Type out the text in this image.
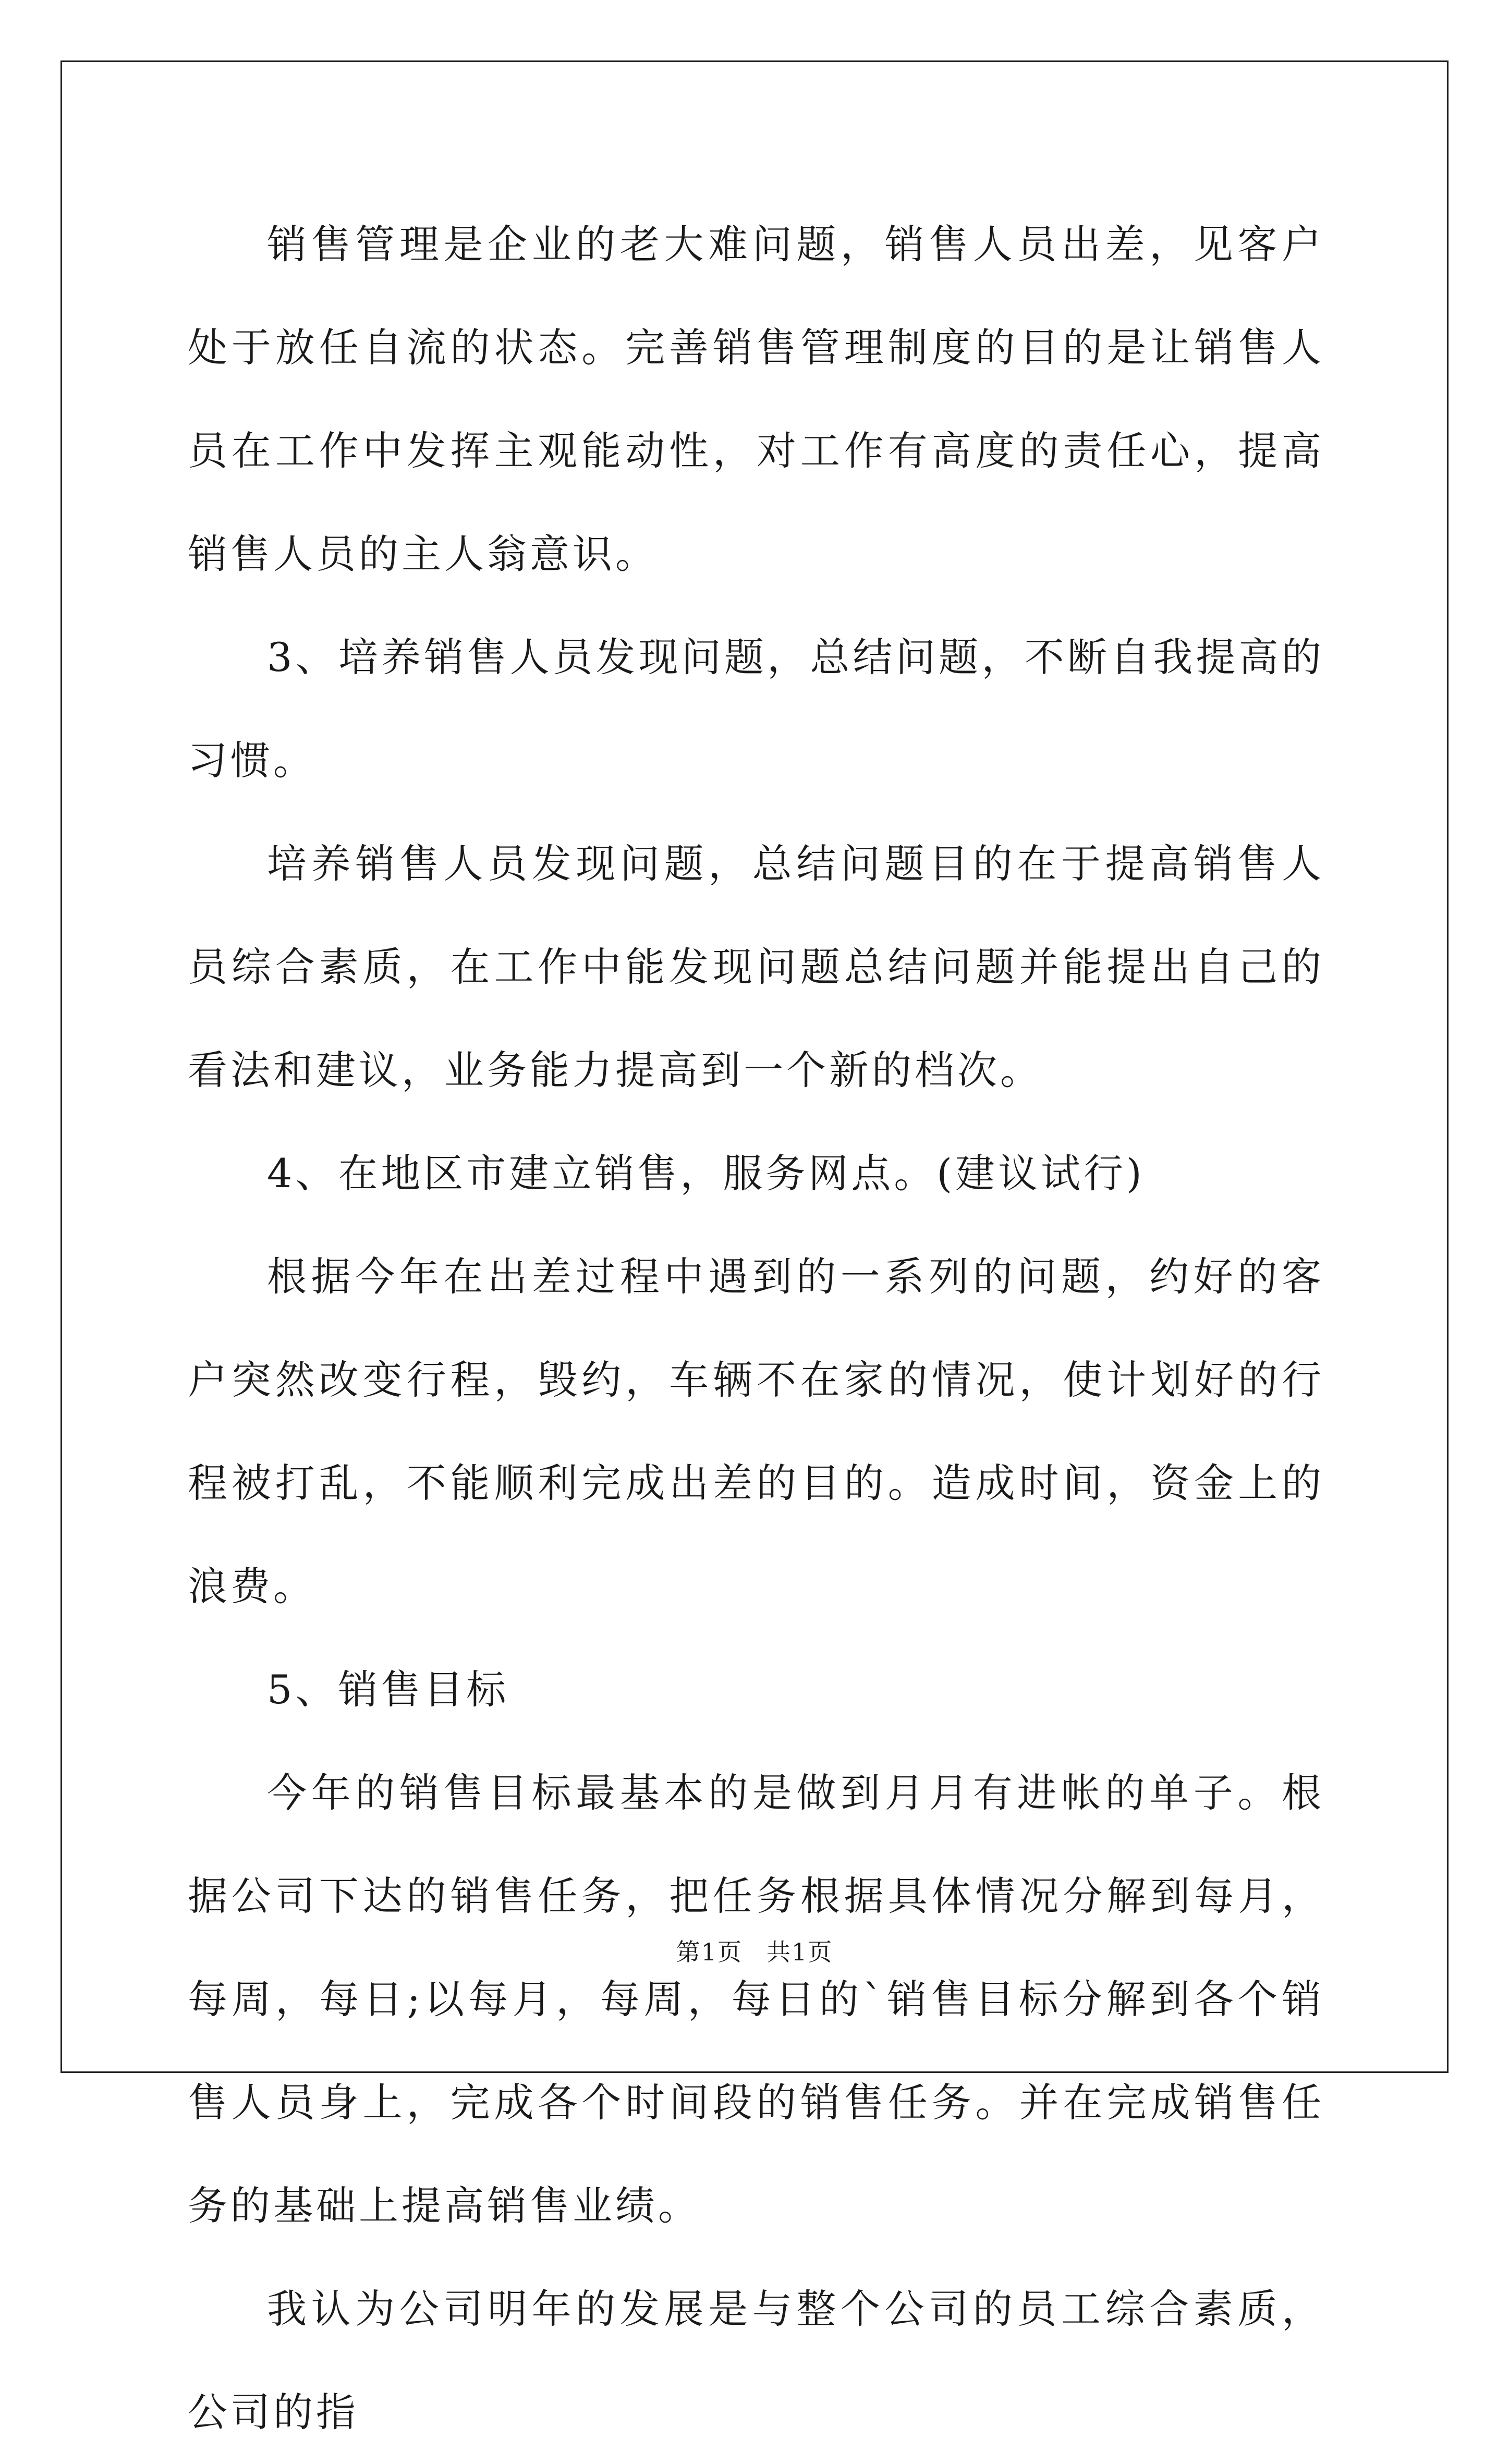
销售管理是企业的老大难问题，销售人员出差，见客户处于放任自流的状态。完善销售管理制度的目的是让销售人员在工作中发挥主观能动性，对工作有高度的责任心，提高销售人员的主人翁意识。

3、培养销售人员发现问题，总结问题，不断自我提高的习惯。

培养销售人员发现问题，总结问题目的在于提高销售人员综合素质，在工作中能发现问题总结问题并能提出自己的看法和建议，业务能力提高到一个新的档次。

4、在地区市建立销售，服务网点。(建议试行)

根据今年在出差过程中遇到的一系列的问题，约好的客户突然改变行程，毁约，车辆不在家的情况，使计划好的行程被打乱，不能顺利完成出差的目的。造成时间，资金上的浪费。

5、销售目标

今年的销售目标最基本的是做到月月有进帐的单子。根据公司下达的销售任务，把任务根据具体情况分解到每月，每周，每日;以每月，每周，每日的`销售目标分解到各个销售人员身上，完成各个时间段的销售任务。并在完成销售任务的基础上提高销售业绩。

我认为公司明年的发展是与整个公司的员工综合素质，公司的指

第1页 共1页
